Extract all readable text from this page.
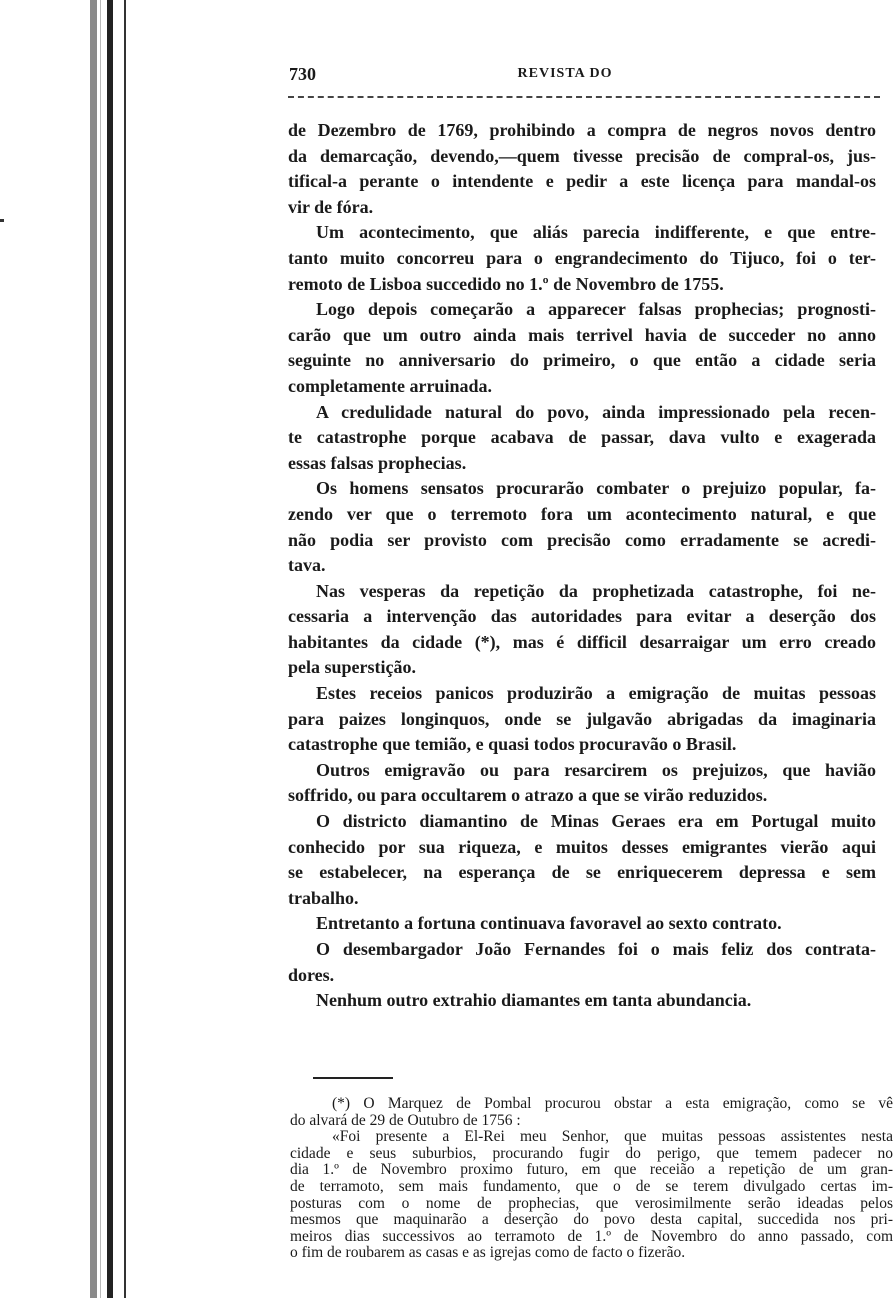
730	REVISTA DO
de Dezembro de 1769, prohibindo a compra de negros novos dentro
da demarcação, devendo,—quem tivesse precisão de compral-os, jus-
tifical-a perante o intendente e pedir a este licença para mandal-os
vir de fóra.
Um acontecimento, que aliás parecia indifferente, e que entre-
tanto muito concorreu para o engrandecimento do Tijuco, foi o ter-
remoto de Lisboa succedido no 1.º de Novembro de 1755.
Logo depois começarão a apparecer falsas prophecias; prognosti-
carão que um outro ainda mais terrivel havia de succeder no anno
seguinte no anniversario do primeiro, o que então a cidade seria
completamente arruinada.
A credulidade natural do povo, ainda impressionado pela recen-
te catastrophe porque acabava de passar, dava vulto e exagerada
essas falsas prophecias.
Os homens sensatos procurarão combater o prejuizo popular, fa-
zendo ver que o terremoto fora um acontecimento natural, e que
não podia ser provisto com precisão como erradamente se acredi-
tava.
Nas vesperas da repetição da prophetizada catastrophe, foi ne-
cessaria a intervenção das autoridades para evitar a deserção dos
habitantes da cidade (*), mas é difficil desarraigar um erro creado
pela superstição.
Estes receios panicos produzirão a emigração de muitas pessoas
para paizes longinquos, onde se julgavão abrigadas da imaginaria
catastrophe que temião, e quasi todos procuravão o Brasil.
Outros emigravão ou para resarcirem os prejuizos, que havião
soffrido, ou para occultarem o atrazo a que se virão reduzidos.
O districto diamantino de Minas Geraes era em Portugal muito
conhecido por sua riqueza, e muitos desses emigrantes vierão aqui
se estabelecer, na esperança de se enriquecerem depressa e sem
trabalho.
Entretanto a fortuna continuava favoravel ao sexto contrato.
O desembargador João Fernandes foi o mais feliz dos contrata-
dores.
Nenhum outro extrahio diamantes em tanta abundancia.
(*) O Marquez de Pombal procurou obstar a esta emigração, como se vê
do alvará de 29 de Outubro de 1756 :
«Foi presente a El-Rei meu Senhor, que muitas pessoas assistentes nesta
cidade e seus suburbios, procurando fugir do perigo, que temem padecer no
dia 1.º de Novembro proximo futuro, em que receião a repetição de um gran-
de terramoto, sem mais fundamento, que o de se terem divulgado certas im-
posturas com o nome de prophecias, que verosimilmente serão ideadas pelos
mesmos que maquinarão a deserção do povo desta capital, succedida nos pri-
meiros dias successivos ao terramoto de 1.º de Novembro do anno passado, com
o fim de roubarem as casas e as igrejas como de facto o fizerão.
